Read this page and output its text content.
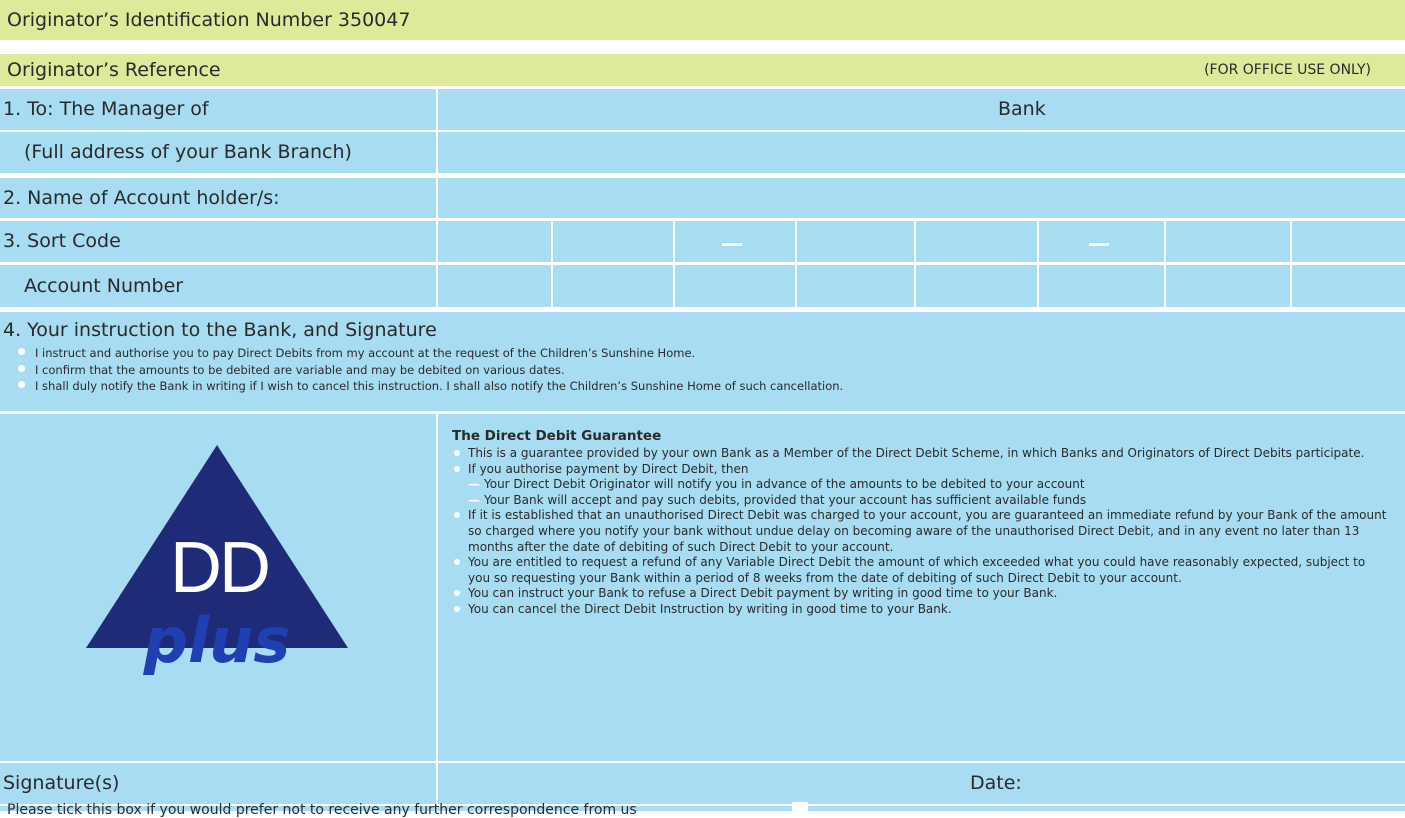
Originator’s Identification Number 350047
Originator’s Reference	(FOR OFFICE USE ONLY)
1. To: The Manager of	Bank
(Full address of your Bank Branch)
2. Name of Account holder/s:
3. Sort Code
Account Number
4. Your instruction to the Bank, and Signature
I instruct and authorise you to pay Direct Debits from my account at the request of the Children’s Sunshine Home.
I confirm that the amounts to be debited are variable and may be debited on various dates.
I shall duly notify the Bank in writing if I wish to cancel this instruction. I shall also notify the Children’s Sunshine Home of such cancellation.
DD
plus
The Direct Debit Guarantee
This is a guarantee provided by your own Bank as a Member of the Direct Debit Scheme, in which Banks and Originators of Direct Debits participate.
If you authorise payment by Direct Debit, then
— Your Direct Debit Originator will notify you in advance of the amounts to be debited to your account
— Your Bank will accept and pay such debits, provided that your account has sufficient available funds
If it is established that an unauthorised Direct Debit was charged to your account, you are guaranteed an immediate refund by your Bank of the amount so charged where you notify your bank without undue delay on becoming aware of the unauthorised Direct Debit, and in any event no later than 13 months after the date of debiting of such Direct Debit to your account.
You are entitled to request a refund of any Variable Direct Debit the amount of which exceeded what you could have reasonably expected, subject to you so requesting your Bank within a period of 8 weeks from the date of debiting of such Direct Debit to your account.
You can instruct your Bank to refuse a Direct Debit payment by writing in good time to your Bank.
You can cancel the Direct Debit Instruction by writing in good time to your Bank.
Signature(s)	Date:
Please tick this box if you would prefer not to receive any further correspondence from us
